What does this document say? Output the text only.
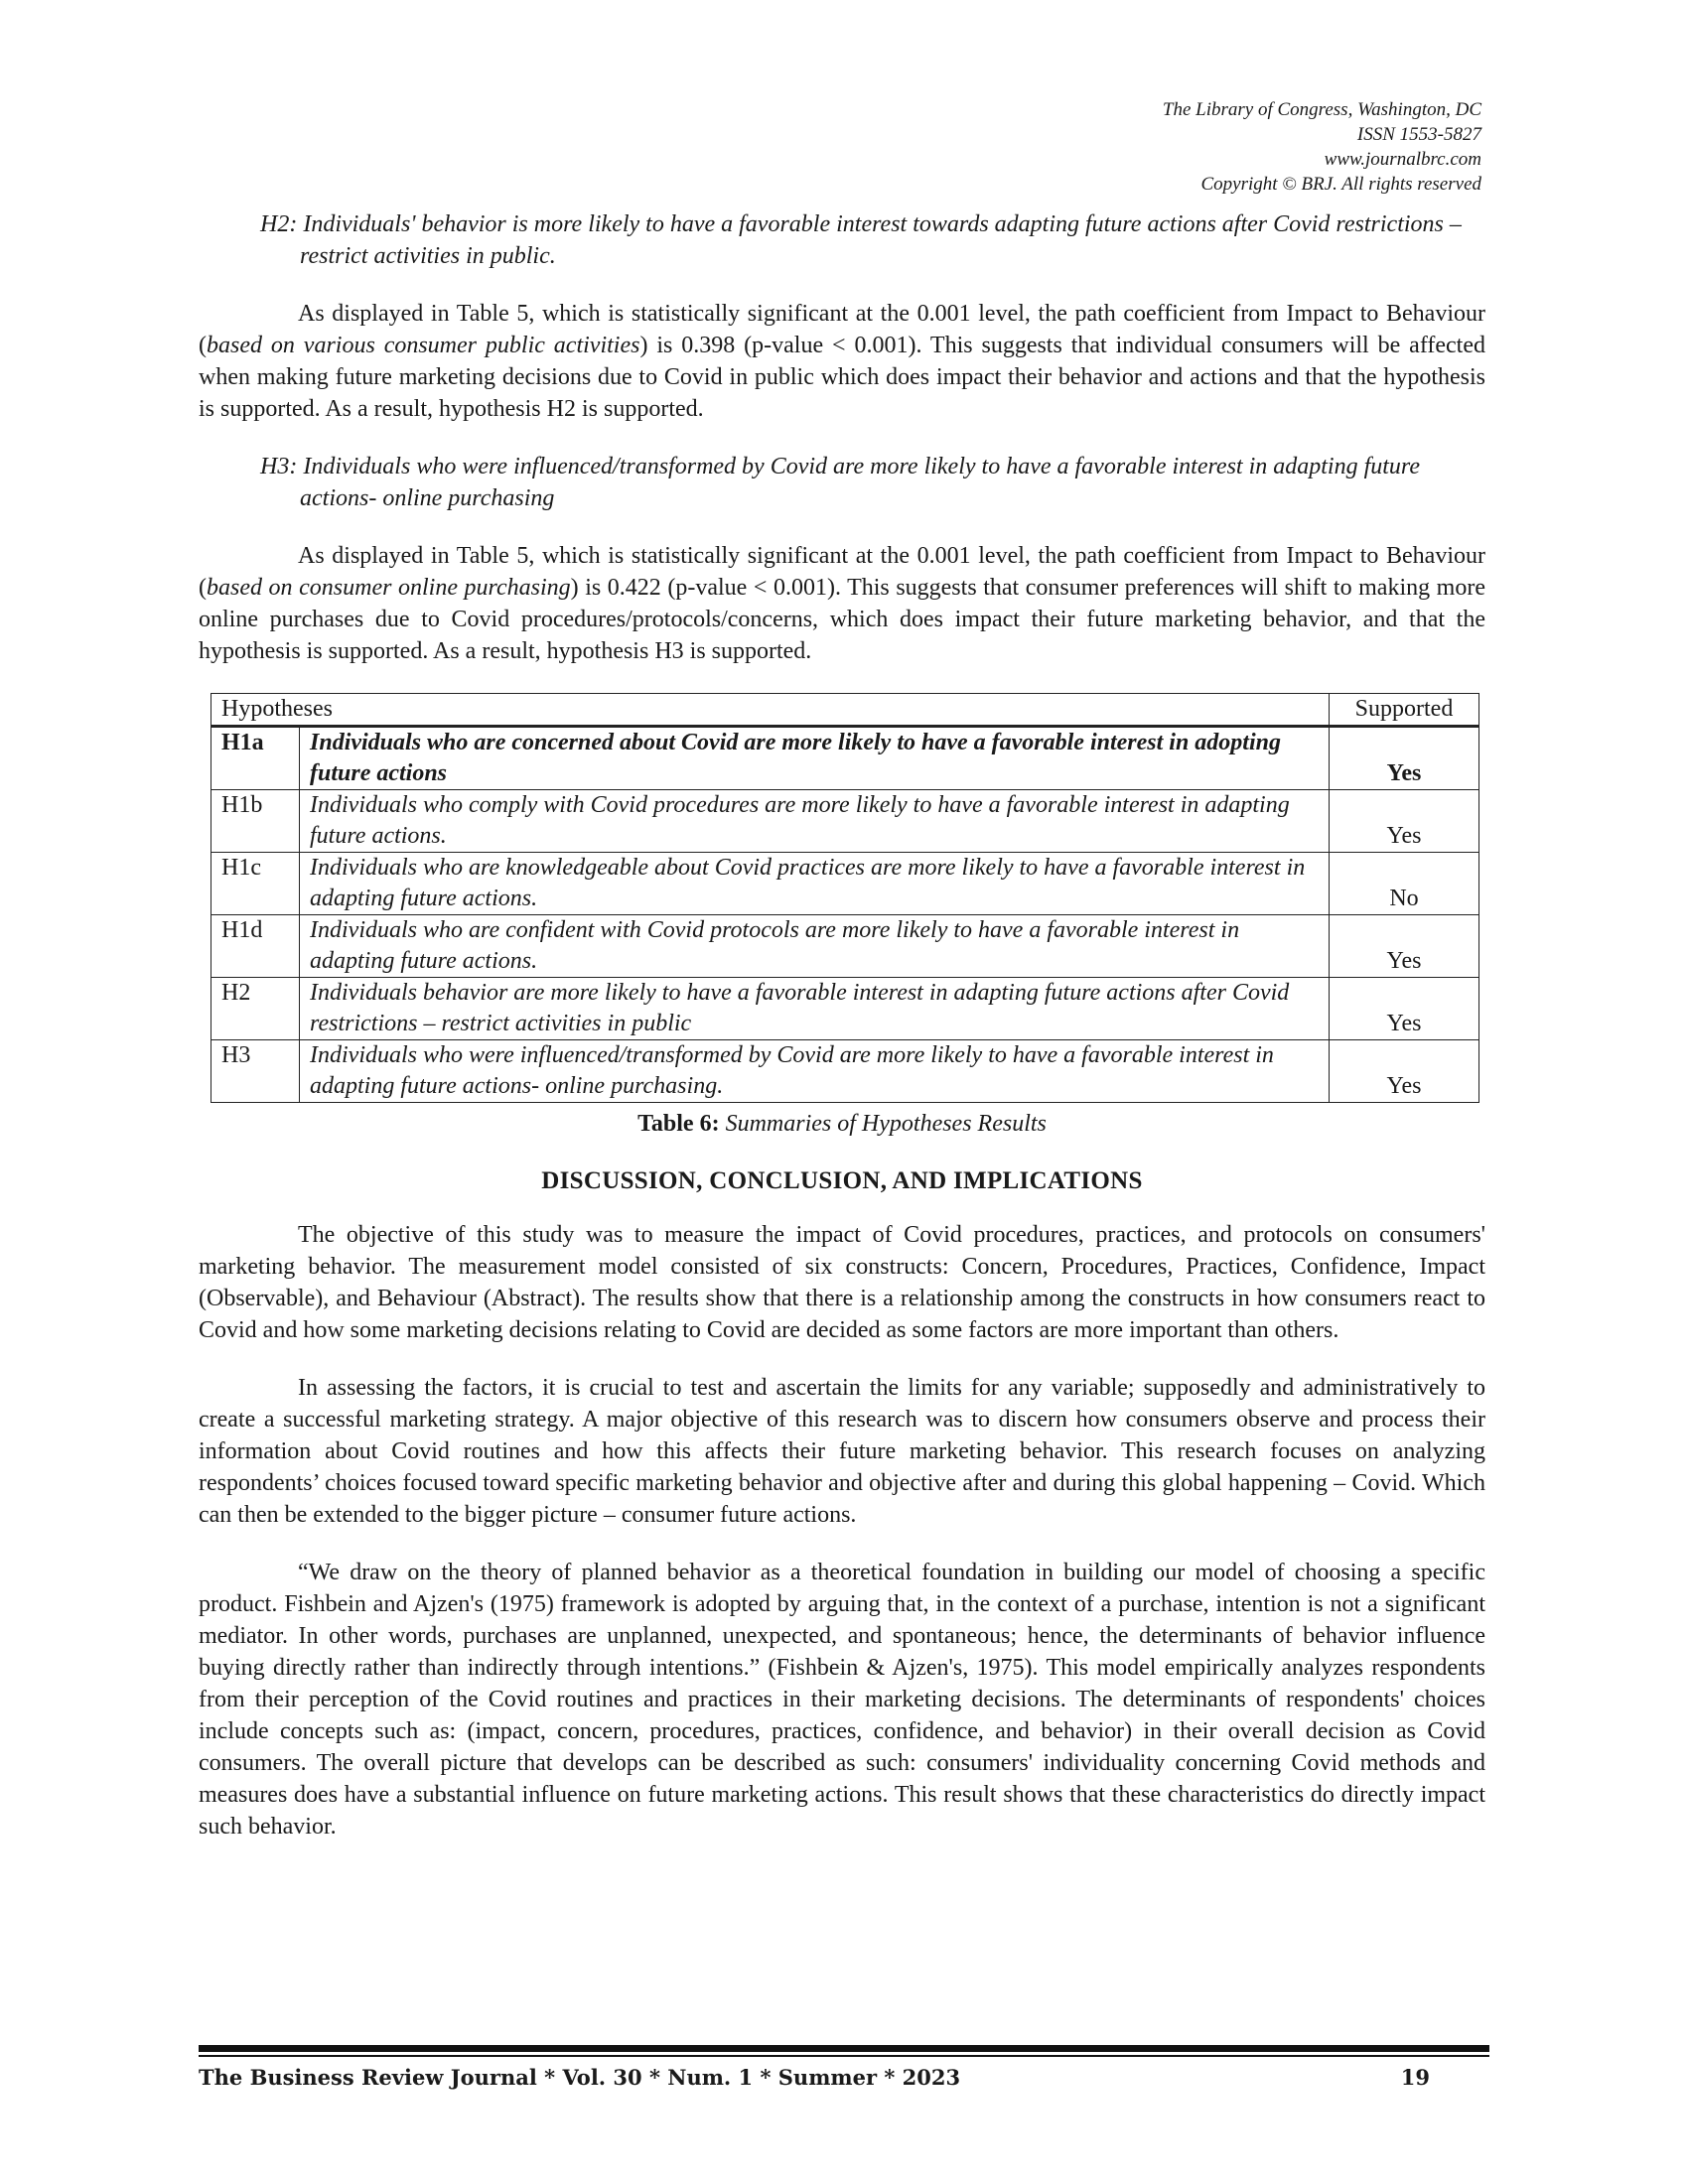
The Library of Congress, Washington, DC
ISSN 1553-5827
www.journalbrc.com
Copyright © BRJ. All rights reserved

H2: Individuals' behavior is more likely to have a favorable interest towards adapting future actions after Covid restrictions – restrict activities in public.

As displayed in Table 5, which is statistically significant at the 0.001 level, the path coefficient from Impact to Behaviour (based on various consumer public activities) is 0.398 (p-value < 0.001). This suggests that individual consumers will be affected when making future marketing decisions due to Covid in public which does impact their behavior and actions and that the hypothesis is supported. As a result, hypothesis H2 is supported.

H3: Individuals who were influenced/transformed by Covid are more likely to have a favorable interest in adapting future actions- online purchasing

As displayed in Table 5, which is statistically significant at the 0.001 level, the path coefficient from Impact to Behaviour (based on consumer online purchasing) is 0.422 (p-value < 0.001). This suggests that consumer preferences will shift to making more online purchases due to Covid procedures/protocols/concerns, which does impact their future marketing behavior, and that the hypothesis is supported. As a result, hypothesis H3 is supported.

Hypotheses		Supported
H1a	Individuals who are concerned about Covid are more likely to have a favorable interest in adopting future actions	Yes
H1b	Individuals who comply with Covid procedures are more likely to have a favorable interest in adapting future actions.	Yes
H1c	Individuals who are knowledgeable about Covid practices are more likely to have a favorable interest in adapting future actions.	No
H1d	Individuals who are confident with Covid protocols are more likely to have a favorable interest in adapting future actions.	Yes
H2	Individuals behavior are more likely to have a favorable interest in adapting future actions after Covid restrictions – restrict activities in public	Yes
H3	Individuals who were influenced/transformed by Covid are more likely to have a favorable interest in adapting future actions- online purchasing.	Yes
Table 6: Summaries of Hypotheses Results
DISCUSSION, CONCLUSION, AND IMPLICATIONS

The objective of this study was to measure the impact of Covid procedures, practices, and protocols on consumers' marketing behavior. The measurement model consisted of six constructs: Concern, Procedures, Practices, Confidence, Impact (Observable), and Behaviour (Abstract). The results show that there is a relationship among the constructs in how consumers react to Covid and how some marketing decisions relating to Covid are decided as some factors are more important than others.

In assessing the factors, it is crucial to test and ascertain the limits for any variable; supposedly and administratively to create a successful marketing strategy. A major objective of this research was to discern how consumers observe and process their information about Covid routines and how this affects their future marketing behavior. This research focuses on analyzing respondents’ choices focused toward specific marketing behavior and objective after and during this global happening – Covid. Which can then be extended to the bigger picture – consumer future actions.

“We draw on the theory of planned behavior as a theoretical foundation in building our model of choosing a specific product. Fishbein and Ajzen's (1975) framework is adopted by arguing that, in the context of a purchase, intention is not a significant mediator. In other words, purchases are unplanned, unexpected, and spontaneous; hence, the determinants of behavior influence buying directly rather than indirectly through intentions.” (Fishbein & Ajzen's, 1975). This model empirically analyzes respondents from their perception of the Covid routines and practices in their marketing decisions. The determinants of respondents' choices include concepts such as: (impact, concern, procedures, practices, confidence, and behavior) in their overall decision as Covid consumers. The overall picture that develops can be described as such: consumers' individuality concerning Covid methods and measures does have a substantial influence on future marketing actions. This result shows that these characteristics do directly impact such behavior.

The Business Review Journal * Vol. 30 * Num. 1 * Summer * 2023	19
